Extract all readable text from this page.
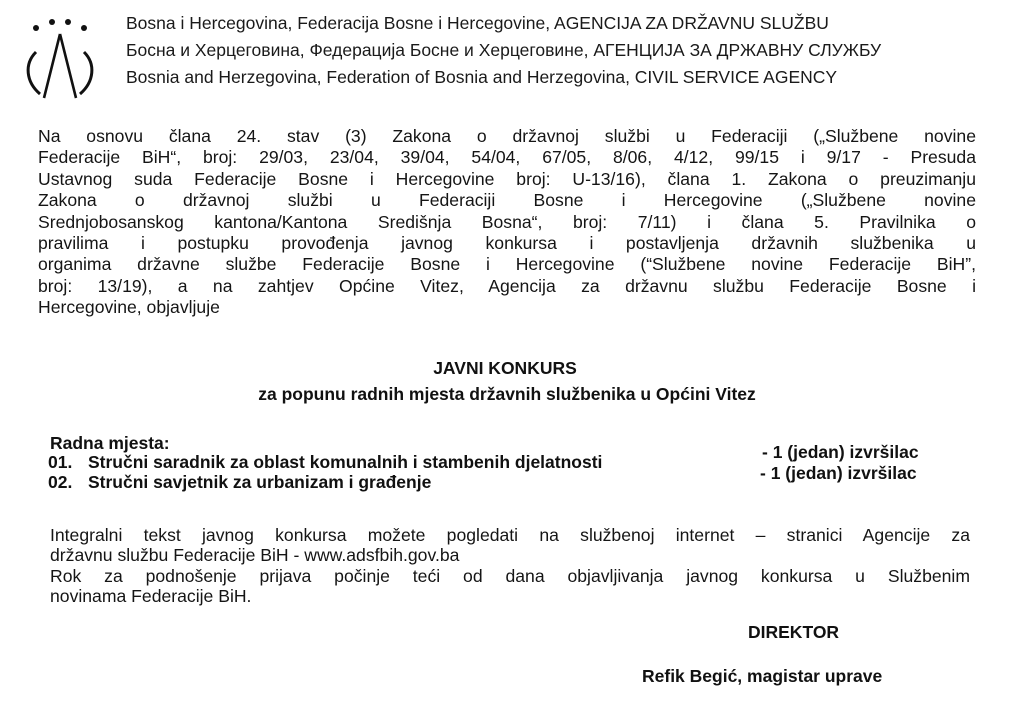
Bosna i Hercegovina, Federacija Bosne i Hercegovine, AGENCIJA ZA DRŽAVNU SLUŽBU
Босна и Херцеговина, Федерација Босне и Херцеговине, АГЕНЦИЈА ЗА ДРЖАВНУ СЛУЖБУ
Bosnia and Herzegovina, Federation of Bosnia and Herzegovina, CIVIL SERVICE AGENCY
Na osnovu člana 24. stav (3) Zakona o državnoj službi u Federaciji („Službene novine
Federacije BiH“, broj: 29/03, 23/04, 39/04, 54/04, 67/05, 8/06, 4/12, 99/15 i 9/17 - Presuda
Ustavnog suda Federacije Bosne i Hercegovine broj: U-13/16), člana 1. Zakona o preuzimanju
Zakona o državnoj službi u Federaciji Bosne i Hercegovine („Službene novine
Srednjobosanskog kantona/Kantona Središnja Bosna“, broj: 7/11) i člana 5. Pravilnika o
pravilima i postupku provođenja javnog konkursa i postavljenja državnih službenika u
organima državne službe Federacije Bosne i Hercegovine (“Službene novine Federacije BiH”,
broj: 13/19), a na zahtjev Općine Vitez, Agencija za državnu službu Federacije Bosne i
Hercegovine, objavljuje
JAVNI KONKURS
za popunu radnih mjesta državnih službenika u Općini Vitez
Radna mjesta:
01. Stručni saradnik za oblast komunalnih i stambenih djelatnosti	- 1 (jedan) izvršilac
02. Stručni savjetnik za urbanizam i građenje	- 1 (jedan) izvršilac
Integralni tekst javnog konkursa možete pogledati na službenoj internet – stranici Agencije za
državnu službu Federacije BiH - www.adsfbih.gov.ba
Rok za podnošenje prijava počinje teći od dana objavljivanja javnog konkursa u Službenim
novinama Federacije BiH.
DIREKTOR
Refik Begić, magistar uprave
